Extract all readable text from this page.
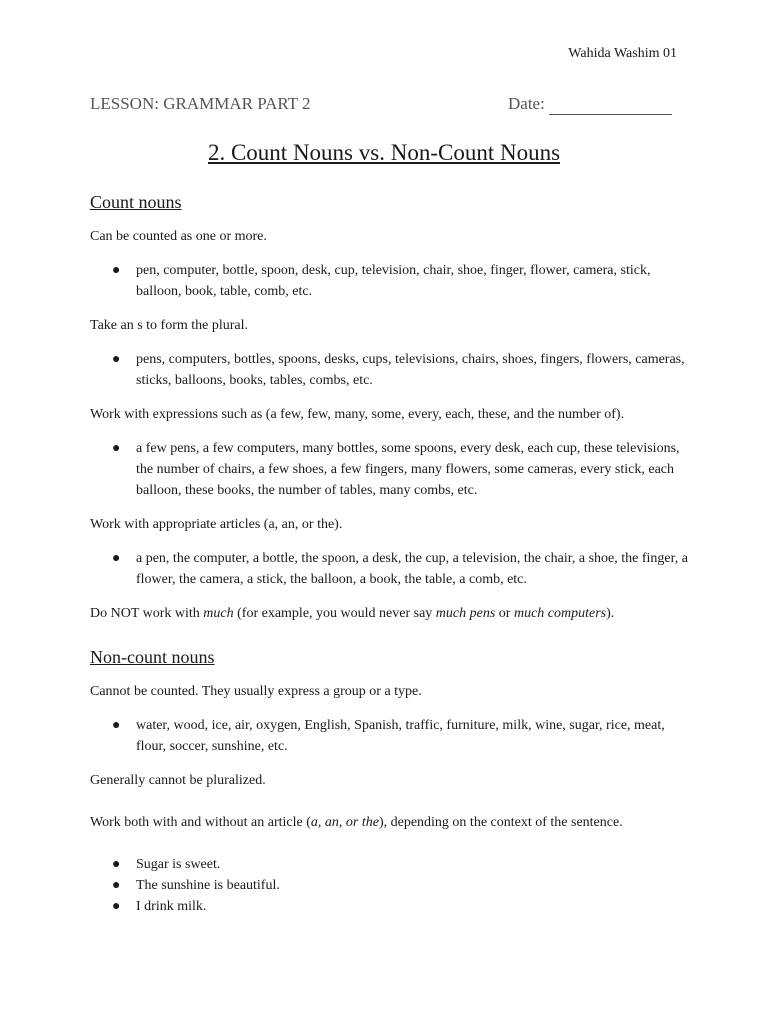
Wahida Washim 01
LESSON: GRAMMAR PART 2	Date:
2. Count Nouns vs. Non-Count Nouns
Count nouns

Can be counted as one or more.

● pen, computer, bottle, spoon, desk, cup, television, chair, shoe, finger, flower, camera, stick, balloon, book, table, comb, etc.

Take an s to form the plural.

● pens, computers, bottles, spoons, desks, cups, televisions, chairs, shoes, fingers, flowers, cameras, sticks, balloons, books, tables, combs, etc.

Work with expressions such as (a few, few, many, some, every, each, these, and the number of).

● a few pens, a few computers, many bottles, some spoons, every desk, each cup, these televisions, the number of chairs, a few shoes, a few fingers, many flowers, some cameras, every stick, each balloon, these books, the number of tables, many combs, etc.

Work with appropriate articles (a, an, or the).

● a pen, the computer, a bottle, the spoon, a desk, the cup, a television, the chair, a shoe, the finger, a flower, the camera, a stick, the balloon, a book, the table, a comb, etc.

Do NOT work with much (for example, you would never say much pens or much computers).

Non-count nouns

Cannot be counted. They usually express a group or a type.

● water, wood, ice, air, oxygen, English, Spanish, traffic, furniture, milk, wine, sugar, rice, meat, flour, soccer, sunshine, etc.

Generally cannot be pluralized.

Work both with and without an article (a, an, or the), depending on the context of the sentence.

● Sugar is sweet.
● The sunshine is beautiful.
● I drink milk.
